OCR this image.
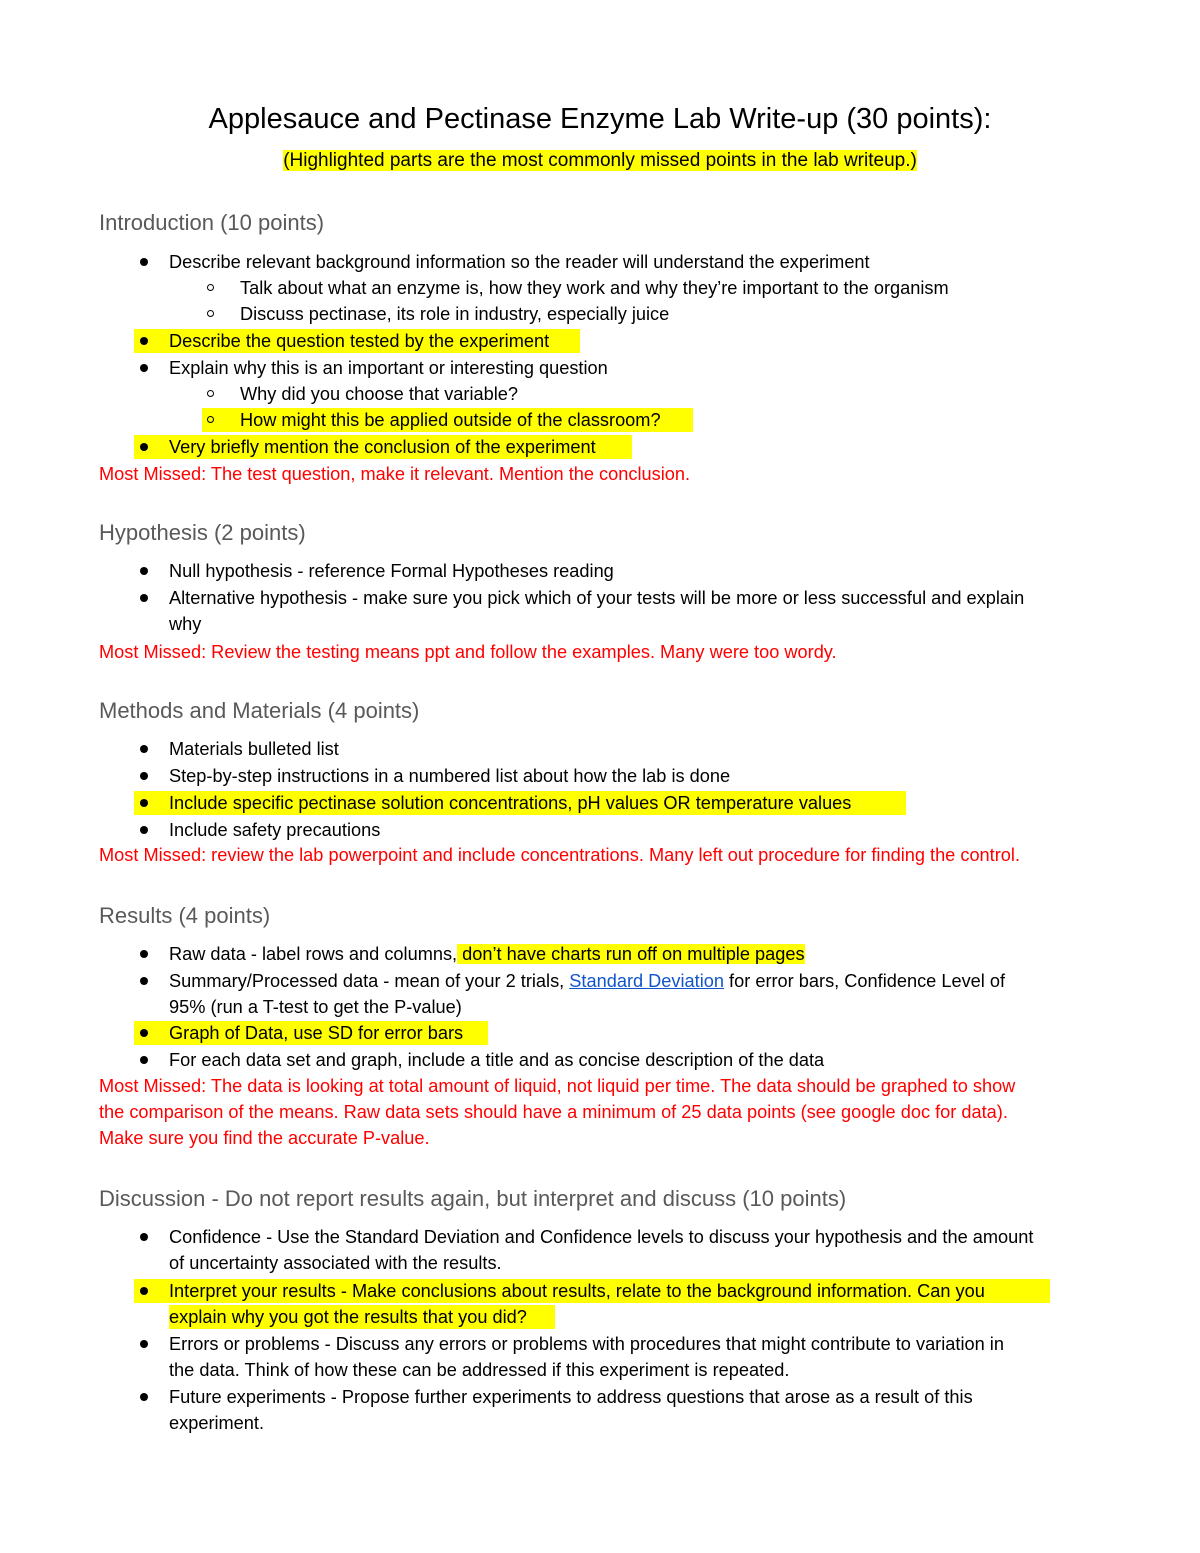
Applesauce and Pectinase Enzyme Lab Write-up (30 points):
(Highlighted parts are the most commonly missed points in the lab writeup.)
Introduction (10 points)
Describe relevant background information so the reader will understand the experiment
Talk about what an enzyme is, how they work and why they’re important to the organism
Discuss pectinase, its role in industry, especially juice
Describe the question tested by the experiment
Explain why this is an important or interesting question
Why did you choose that variable?
How might this be applied outside of the classroom?
Very briefly mention the conclusion of the experiment
Most Missed: The test question, make it relevant. Mention the conclusion.
Hypothesis (2 points)
Null hypothesis - reference Formal Hypotheses reading
Alternative hypothesis - make sure you pick which of your tests will be more or less successful and explain
why
Most Missed: Review the testing means ppt and follow the examples. Many were too wordy.
Methods and Materials (4 points)
Materials bulleted list
Step-by-step instructions in a numbered list about how the lab is done
Include specific pectinase solution concentrations, pH values OR temperature values
Include safety precautions
Most Missed: review the lab powerpoint and include concentrations. Many left out procedure for finding the control.
Results (4 points)
Raw data - label rows and columns, don’t have charts run off on multiple pages
Summary/Processed data - mean of your 2 trials, Standard Deviation for error bars, Confidence Level of
95% (run a T-test to get the P-value)
Graph of Data, use SD for error bars
For each data set and graph, include a title and as concise description of the data
Most Missed: The data is looking at total amount of liquid, not liquid per time. The data should be graphed to show
the comparison of the means. Raw data sets should have a minimum of 25 data points (see google doc for data).
Make sure you find the accurate P-value.
Discussion - Do not report results again, but interpret and discuss (10 points)
Confidence - Use the Standard Deviation and Confidence levels to discuss your hypothesis and the amount
of uncertainty associated with the results.
Interpret your results - Make conclusions about results, relate to the background information. Can you
explain why you got the results that you did?
Errors or problems - Discuss any errors or problems with procedures that might contribute to variation in
the data. Think of how these can be addressed if this experiment is repeated.
Future experiments - Propose further experiments to address questions that arose as a result of this
experiment.
